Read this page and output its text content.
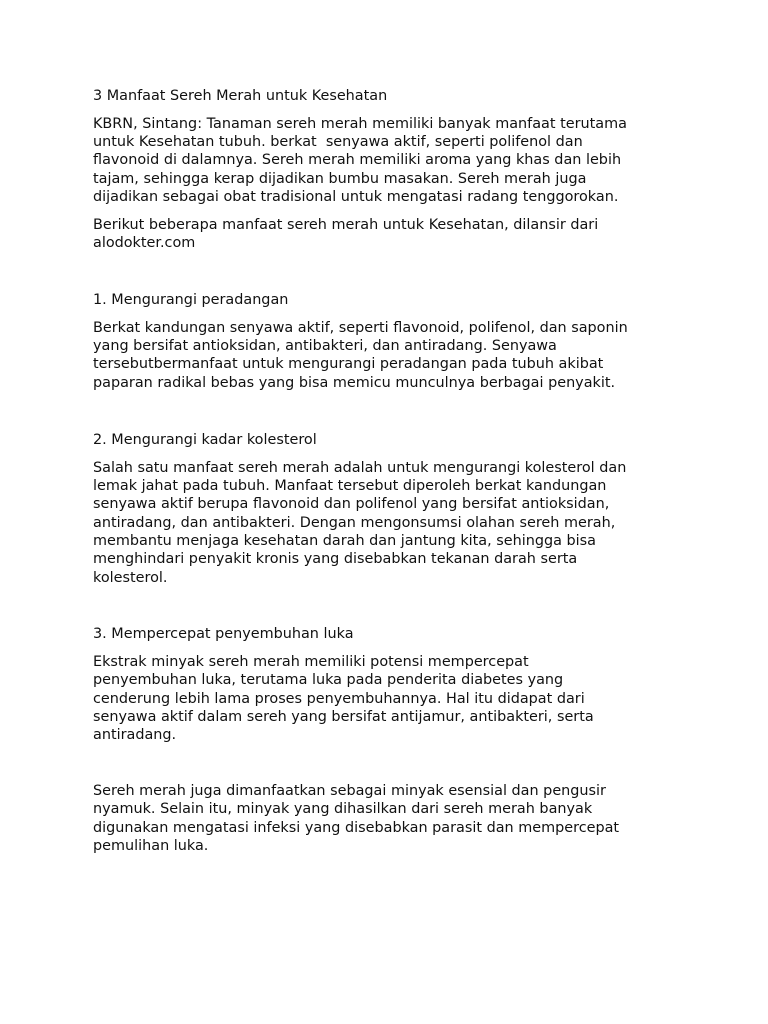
3 Manfaat Sereh Merah untuk Kesehatan
KBRN, Sintang: Tanaman sereh merah memiliki banyak manfaat terutama
untuk Kesehatan tubuh. berkat  senyawa aktif, seperti polifenol dan
flavonoid di dalamnya. Sereh merah memiliki aroma yang khas dan lebih
tajam, sehingga kerap dijadikan bumbu masakan. Sereh merah juga
dijadikan sebagai obat tradisional untuk mengatasi radang tenggorokan.
Berikut beberapa manfaat sereh merah untuk Kesehatan, dilansir dari
alodokter.com
1. Mengurangi peradangan
Berkat kandungan senyawa aktif, seperti flavonoid, polifenol, dan saponin
yang bersifat antioksidan, antibakteri, dan antiradang. Senyawa
tersebutbermanfaat untuk mengurangi peradangan pada tubuh akibat
paparan radikal bebas yang bisa memicu munculnya berbagai penyakit.
2. Mengurangi kadar kolesterol
Salah satu manfaat sereh merah adalah untuk mengurangi kolesterol dan
lemak jahat pada tubuh. Manfaat tersebut diperoleh berkat kandungan
senyawa aktif berupa flavonoid dan polifenol yang bersifat antioksidan,
antiradang, dan antibakteri. Dengan mengonsumsi olahan sereh merah,
membantu menjaga kesehatan darah dan jantung kita, sehingga bisa
menghindari penyakit kronis yang disebabkan tekanan darah serta
kolesterol.
3. Mempercepat penyembuhan luka
Ekstrak minyak sereh merah memiliki potensi mempercepat
penyembuhan luka, terutama luka pada penderita diabetes yang
cenderung lebih lama proses penyembuhannya. Hal itu didapat dari
senyawa aktif dalam sereh yang bersifat antijamur, antibakteri, serta
antiradang.
Sereh merah juga dimanfaatkan sebagai minyak esensial dan pengusir
nyamuk. Selain itu, minyak yang dihasilkan dari sereh merah banyak
digunakan mengatasi infeksi yang disebabkan parasit dan mempercepat
pemulihan luka.
